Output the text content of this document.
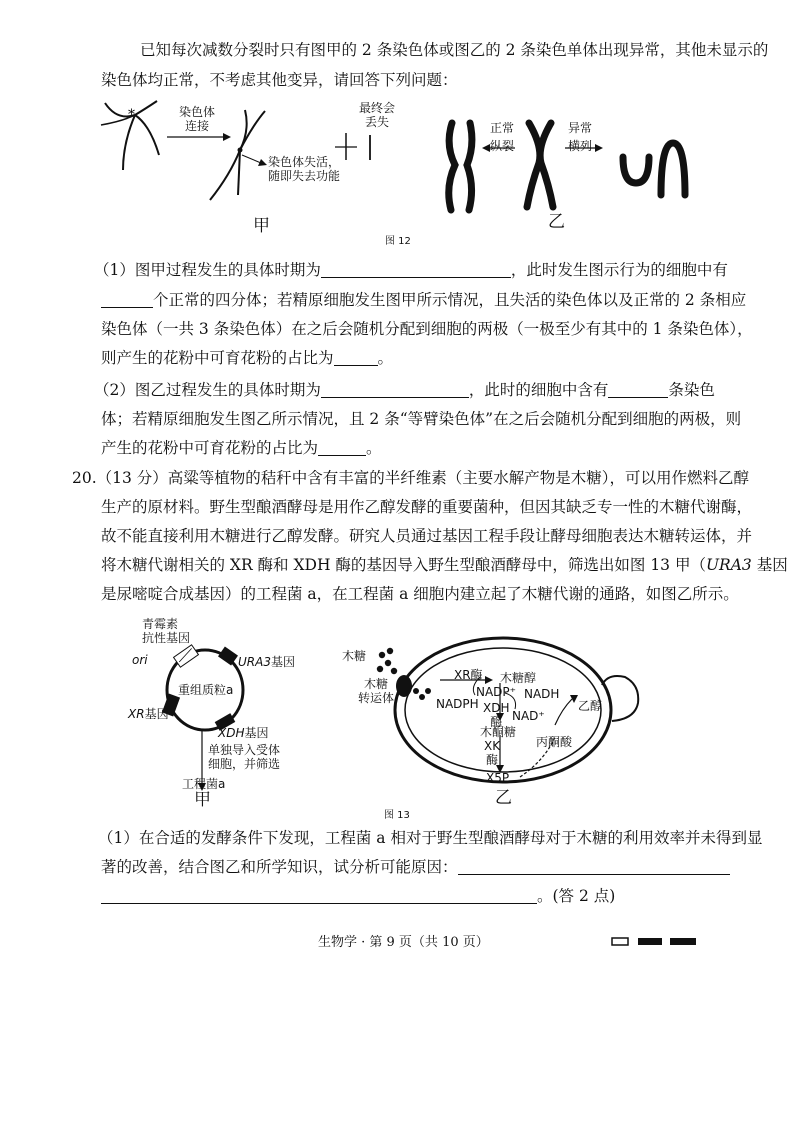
已知每次减数分裂时只有图甲的 2 条染色体或图乙的 2 条染色单体出现异常，其他未显示的
染色体均正常，不考虑其他变异，请回答下列问题：
*	染色体
连接
最终会
丢失
染色体失活，
随即失去功能
正常
纵裂
异常
横列
甲	乙
图 12
（1）图甲过程发生的具体时期为	，此时发生图示行为的细胞中有
个正常的四分体；若精原细胞发生图甲所示情况，且失活的染色体以及正常的 2 条相应
染色体（一共 3 条染色体）在之后会随机分配到细胞的两极（一极至少有其中的 1 条染色体），
则产生的花粉中可育花粉的占比为	。
（2）图乙过程发生的具体时期为	，此时的细胞中含有	条染色
体；若精原细胞发生图乙所示情况，且 2 条“等臂染色体”在之后会随机分配到细胞的两极，则
产生的花粉中可育花粉的占比为	。
20.（13 分）高粱等植物的秸秆中含有丰富的半纤维素（主要水解产物是木糖），可以用作燃料乙醇
生产的原材料。野生型酿酒酵母是用作乙醇发酵的重要菌种，但因其缺乏专一性的木糖代谢酶，
故不能直接利用木糖进行乙醇发酵。研究人员通过基因工程手段让酵母细胞表达木糖转运体，并
将木糖代谢相关的 XR 酶和 XDH 酶的基因导入野生型酿酒酵母中，筛选出如图 13 甲（URA3 基因
是尿嘧啶合成基因）的工程菌 a，在工程菌 a 细胞内建立起了木糖代谢的通路，如图乙所示。
青霉素
抗性基因
ori	URA3基因
重组质粒a
XR基因
XDH基因
单独导入受体
细胞，并筛选
工程菌a
甲
木糖
木糖
转运体
XR酶 木糖醇
NADP⁺ NADH
NADPH XDH
酶 NAD⁺
乙醇
木酮糖
XK
酶
丙酮酸
X5P
乙
图 13
（1）在合适的发酵条件下发现，工程菌 a 相对于野生型酿酒酵母对于木糖的利用效率并未得到显
著的改善，结合图乙和所学知识，试分析可能原因：
。(答 2 点)
生物学 · 第 9 页（共 10 页）
